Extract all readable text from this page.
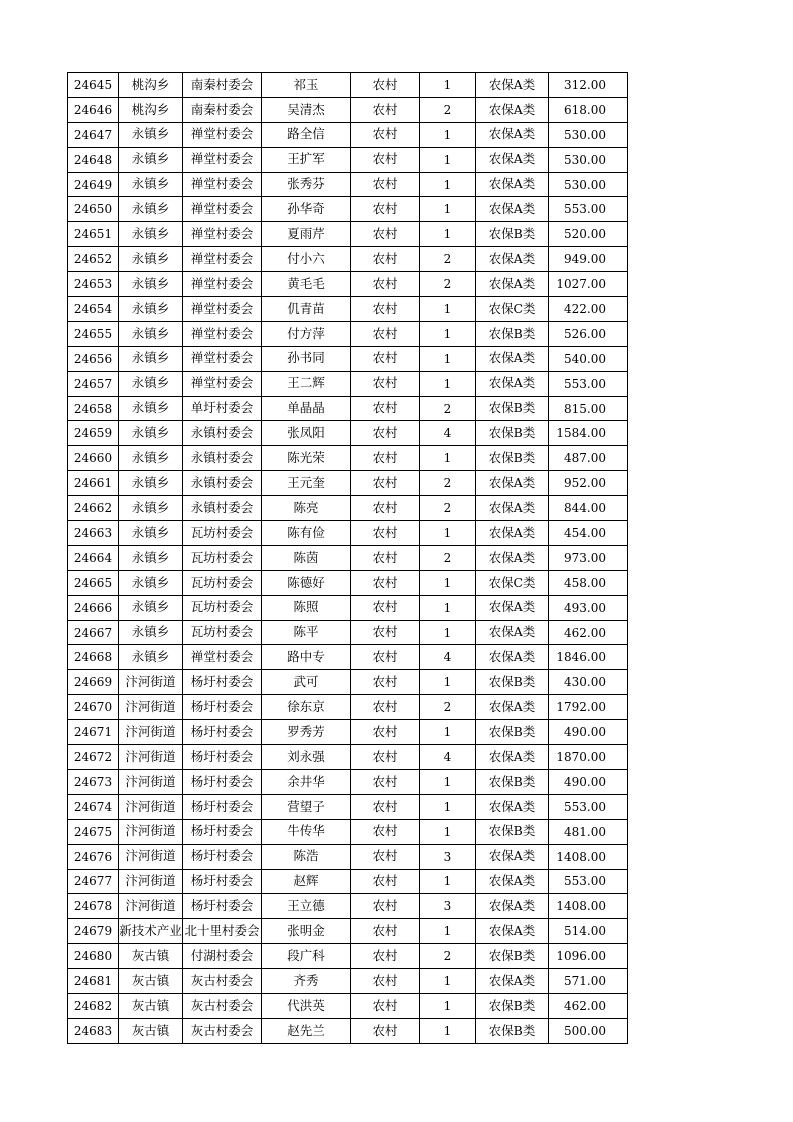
24645	桃沟乡	南秦村委会	祁玉	农村	1	农保A类	312.00
24646	桃沟乡	南秦村委会	吴清杰	农村	2	农保A类	618.00
24647	永镇乡	禅堂村委会	路全信	农村	1	农保A类	530.00
24648	永镇乡	禅堂村委会	王扩军	农村	1	农保A类	530.00
24649	永镇乡	禅堂村委会	张秀芬	农村	1	农保A类	530.00
24650	永镇乡	禅堂村委会	孙华奇	农村	1	农保A类	553.00
24651	永镇乡	禅堂村委会	夏雨芹	农村	1	农保B类	520.00
24652	永镇乡	禅堂村委会	付小六	农村	2	农保A类	949.00
24653	永镇乡	禅堂村委会	黄毛毛	农村	2	农保A类	1027.00
24654	永镇乡	禅堂村委会	仉青苗	农村	1	农保C类	422.00
24655	永镇乡	禅堂村委会	付方萍	农村	1	农保B类	526.00
24656	永镇乡	禅堂村委会	孙书同	农村	1	农保A类	540.00
24657	永镇乡	禅堂村委会	王二辉	农村	1	农保A类	553.00
24658	永镇乡	单圩村委会	单晶晶	农村	2	农保B类	815.00
24659	永镇乡	永镇村委会	张凤阳	农村	4	农保B类	1584.00
24660	永镇乡	永镇村委会	陈光荣	农村	1	农保B类	487.00
24661	永镇乡	永镇村委会	王元奎	农村	2	农保A类	952.00
24662	永镇乡	永镇村委会	陈亮	农村	2	农保A类	844.00
24663	永镇乡	瓦坊村委会	陈有俭	农村	1	农保A类	454.00
24664	永镇乡	瓦坊村委会	陈茵	农村	2	农保A类	973.00
24665	永镇乡	瓦坊村委会	陈德好	农村	1	农保C类	458.00
24666	永镇乡	瓦坊村委会	陈照	农村	1	农保A类	493.00
24667	永镇乡	瓦坊村委会	陈平	农村	1	农保A类	462.00
24668	永镇乡	禅堂村委会	路中专	农村	4	农保A类	1846.00
24669	汴河街道	杨圩村委会	武可	农村	1	农保B类	430.00
24670	汴河街道	杨圩村委会	徐东京	农村	2	农保A类	1792.00
24671	汴河街道	杨圩村委会	罗秀芳	农村	1	农保B类	490.00
24672	汴河街道	杨圩村委会	刘永强	农村	4	农保A类	1870.00
24673	汴河街道	杨圩村委会	余井华	农村	1	农保B类	490.00
24674	汴河街道	杨圩村委会	营望子	农村	1	农保A类	553.00
24675	汴河街道	杨圩村委会	牛传华	农村	1	农保B类	481.00
24676	汴河街道	杨圩村委会	陈浩	农村	3	农保A类	1408.00
24677	汴河街道	杨圩村委会	赵辉	农村	1	农保A类	553.00
24678	汴河街道	杨圩村委会	王立德	农村	3	农保A类	1408.00
24679	新技术产业	北十里村委会	张明金	农村	1	农保A类	514.00
24680	灰古镇	付湖村委会	段广科	农村	2	农保B类	1096.00
24681	灰古镇	灰古村委会	齐秀	农村	1	农保A类	571.00
24682	灰古镇	灰古村委会	代洪英	农村	1	农保B类	462.00
24683	灰古镇	灰古村委会	赵先兰	农村	1	农保B类	500.00
